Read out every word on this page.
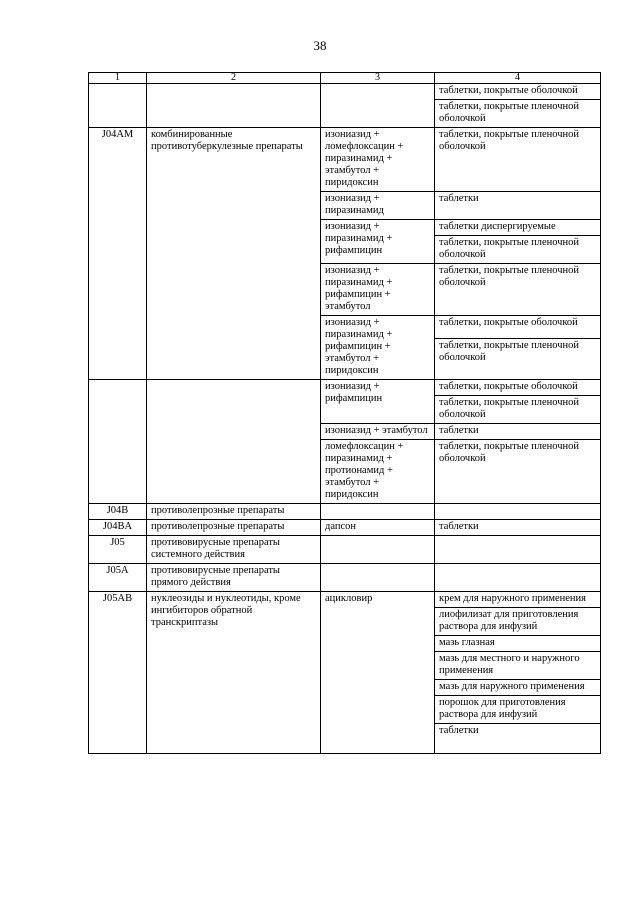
38
1	2	3	4
			таблетки, покрытые оболочкой
			таблетки, покрытые пленочной оболочкой
J04AM	комбинированные противотуберкулезные препараты	изониазид + ломефлоксацин + пиразинамид + этамбутол + пиридоксин	таблетки, покрытые пленочной оболочкой
		изониазид + пиразинамид	таблетки
		изониазид + пиразинамид + рифампицин	таблетки диспергируемые
			таблетки, покрытые пленочной оболочкой
		изониазид + пиразинамид + рифампицин + этамбутол	таблетки, покрытые пленочной оболочкой
		изониазид + пиразинамид + рифампицин + этамбутол + пиридоксин	таблетки, покрытые оболочкой
			таблетки, покрытые пленочной оболочкой
		изониазид + рифампицин	таблетки, покрытые оболочкой
			таблетки, покрытые пленочной оболочкой
		изониазид + этамбутол	таблетки
		ломефлоксацин + пиразинамид + протионамид + этамбутол + пиридоксин	таблетки, покрытые пленочной оболочкой
J04B	противолепрозные препараты		
J04BA	противолепрозные препараты	дапсон	таблетки
J05	противовирусные препараты системного действия		
J05A	противовирусные препараты прямого действия		
J05AB	нуклеозиды и нуклеотиды, кроме ингибиторов обратной транскриптазы	ацикловир	крем для наружного применения
			лиофилизат для приготовления раствора для инфузий
			мазь глазная
			мазь для местного и наружного применения
			мазь для наружного применения
			порошок для приготовления раствора для инфузий
			таблетки
